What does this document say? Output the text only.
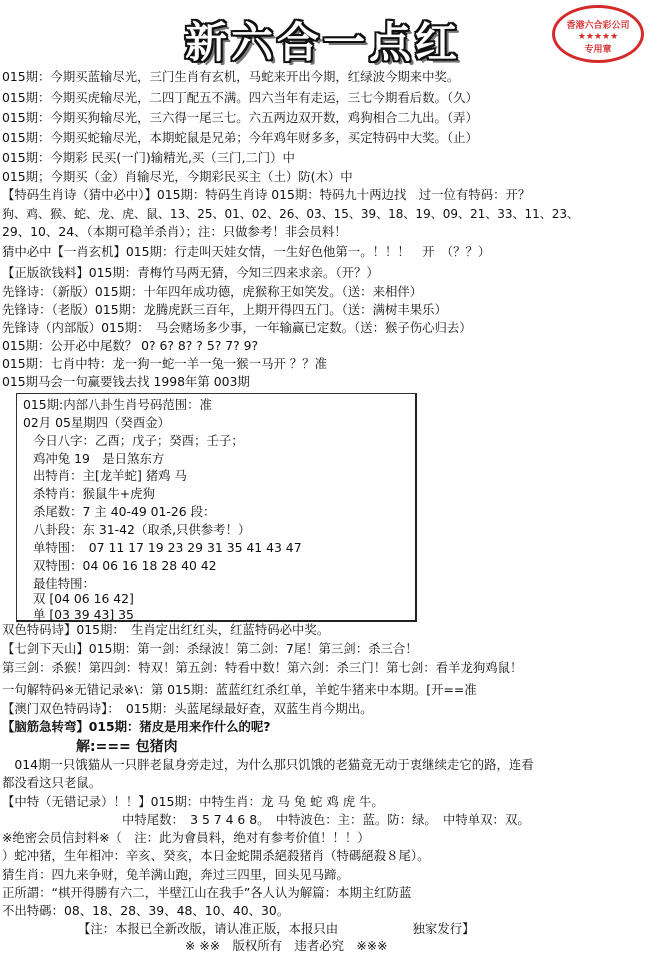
新六合一点红	香港六合彩公司
★★★★★
专用章
015期：今期买蓝输尽光，三门生肖有玄机，马蛇来开出今期，红绿波今期来中奖。
015期：今期买虎输尽光，二四丁配五不满。四六当年有走运，三七今期看后数。（久）
015期：今期买狗输尽光，三六得一尾三七。六五两边双开数，鸡狗相合二九出。（弄）
015期：今期买蛇输尽光，本期蛇鼠是兄弟；今年鸡年财多多，买定特码中大奖。（止）
015期：今期彩 民买(一门)输精光,买（三门,二门）中
015期；今期买（金）肖输尽光，今期彩民买主（土）防(木）中
【特码生肖诗（猜中必中）】015期：特码生肖诗 015期：特码九十两边找　过一位有特码：开？
狗、鸡、猴、蛇、龙、虎、鼠、13、25、01、02、26、03、15、39、18、19、09、21、33、11、23、
29、10、24、（本期可稳羊杀肖）；注：只做参考！非会员料！
猜中必中【一肖玄机】015期：行走叫天娃女情，一生好色他第一。！！！　开　（？？）
【正版欲钱料】015期：青梅竹马两无猜，今知三四来求亲。（开？）
先锋诗：（新版）015期：十年四年成功德，虎猴称王如笑发。（送：来相伴）
先锋诗：（老版）015期：龙腾虎跃三百年，上期开得四五门。（送：满树丰果乐）
先锋诗（内部版）015期：　马会赌场多少事，一年输赢已定数。（送：猴子伤心归去）
015期：公开必中尾数？ 0? 6? 8? ? 5? 7? 9?
015期：七肖中特：龙一狗一蛇一羊一兔一猴一马开 ？？准
015期马会一句赢要钱去找 1998年第 003期
015期:内部八卦生肖号码范围：准
02月 05星期四（癸酉金）
今日八字：乙酉；戊子；癸酉；壬子；
鸡冲兔 19　是日煞东方
出特肖：主[龙羊蛇] 猪鸡 马
杀特肖：猴鼠牛+虎狗
杀尾数：7 主 40-49 01-26 段：
八卦段：东 31-42（取杀,只供参考！）
单特围：　07 11 17 19 23 29 31 35 41 43 47
双特围：04 06 16 18 28 40 42
最佳特围：
双 [04 06 16 42]
单 [03 39 43] 35
双色特码诗】015期：　生肖定出红红头，红蓝特码必中奖。
【七剑下天山】015期：第一剑：杀绿波！第二剑：7尾！第三剑：杀三合！
第三剑：杀猴！第四剑：特双！第五剑：特看中数！第六剑：杀三门！第七剑：看羊龙狗鸡鼠！
一句解特码※无错记录※\：第 015期：蓝蓝红红杀红单，羊蛇牛猪来中本期。[开==准
【澳门双色特码诗】：　015期：头蓝尾绿最好查，双蓝生肖今期出。
【脑筋急转弯】015期：猪皮是用来作什么的呢?
解:=== 包猪肉
　014期一只饿猫从一只胖老鼠身旁走过，为什么那只饥饿的老猫竟无动于衷继续走它的路，连看
都没看这只老鼠。
【中特（无错记录）！！】015期：中特生肖：龙 马 兔 蛇 鸡 虎 牛。
中特尾数：　3 5 7 4 6 8。　中特波色：主：蓝。防：绿。　中特单双：双。
※绝密会员信封料※（　注：此为會員料，绝对有参考价值！！！）
）蛇冲猪，生年相冲：辛亥、癸亥，本日金蛇開杀絕殺猪肖（特碼絕殺８尾）。
猜生肖：四九来争财，兔羊满山跑，奔过三四里，回头见马蹄。
正所謂：“棋开得勝有六二，半壁江山在我手”各人认为解篇：本期主红防蓝
不出特碼：08、18、28、39、48、10、40、30。
【注：本报已全新改版，请认准正版，本报只由　　　　　　独家发行】
※ ※※　版权所有　违者必究　※※※
